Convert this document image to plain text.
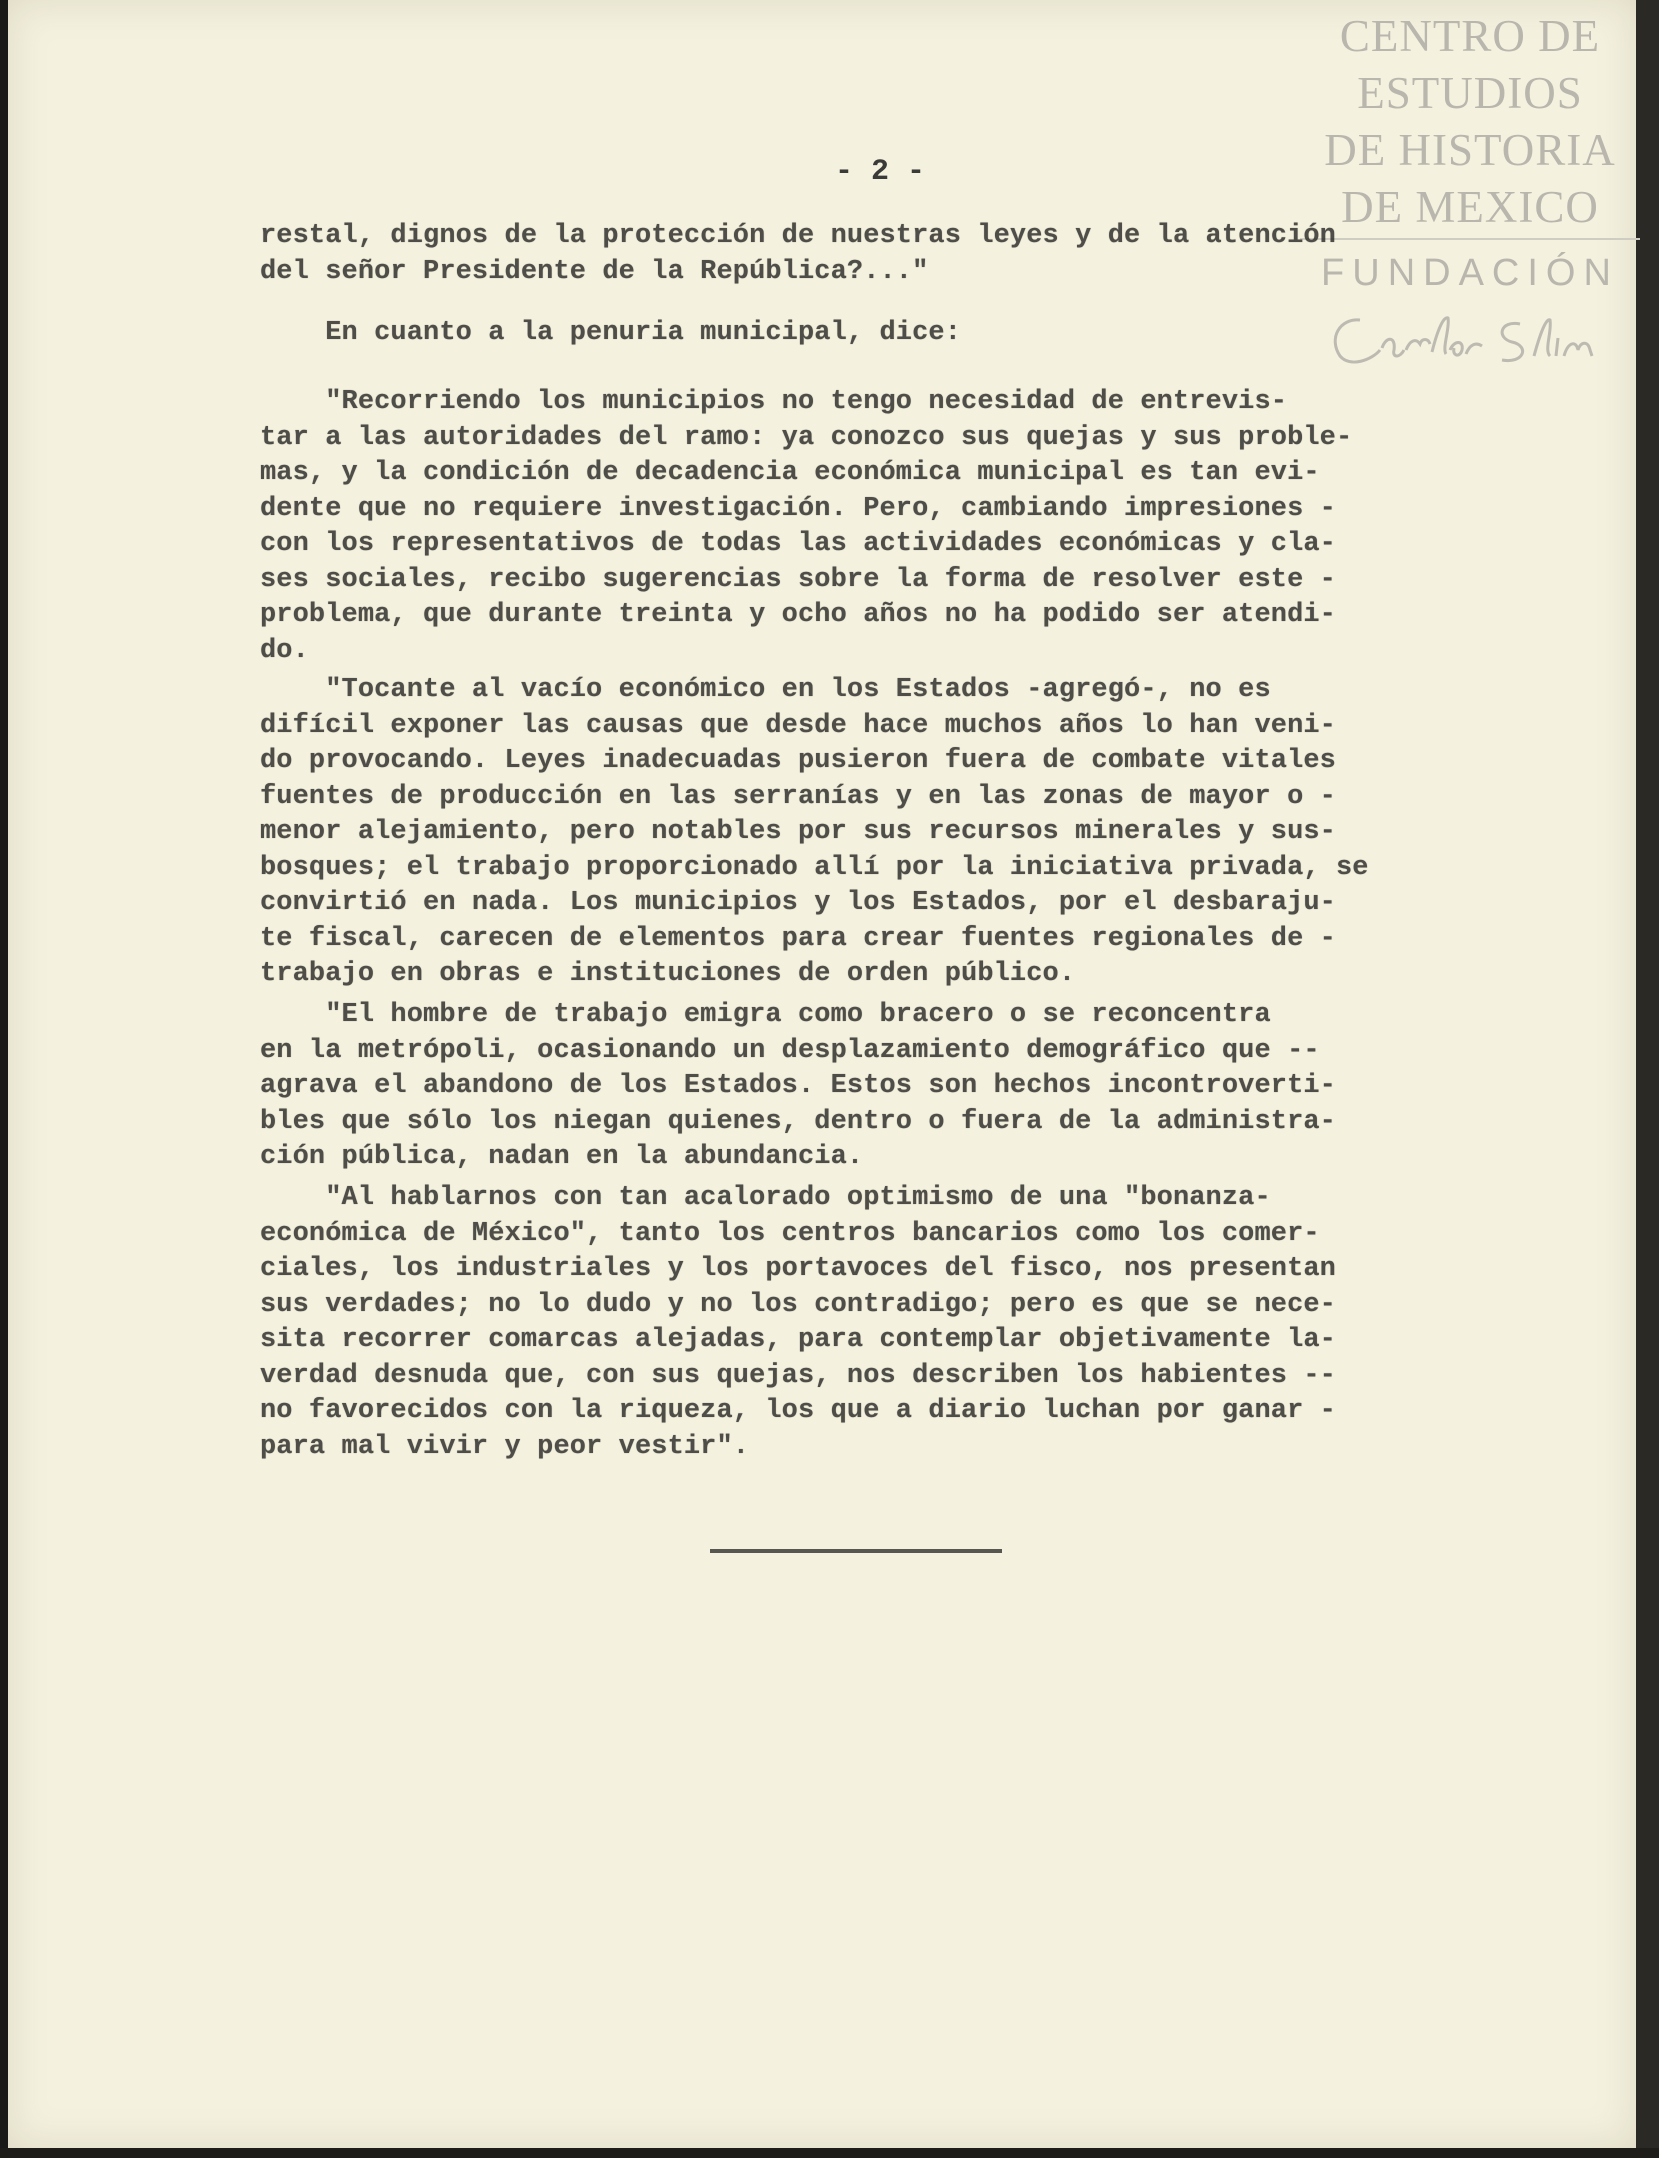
CENTRO DE
ESTUDIOS
DE HISTORIA
DE MEXICO
FUNDACIÓN
- 2 -
restal, dignos de la protección de nuestras leyes y de la atención
del señor Presidente de la República?..."
En cuanto a la penuria municipal, dice:
"Recorriendo los municipios no tengo necesidad de entrevis-
tar a las autoridades del ramo: ya conozco sus quejas y sus proble-
mas, y la condición de decadencia económica municipal es tan evi-
dente que no requiere investigación. Pero, cambiando impresiones -
con los representativos de todas las actividades económicas y cla-
ses sociales, recibo sugerencias sobre la forma de resolver este -
problema, que durante treinta y ocho años no ha podido ser atendi-
do.
"Tocante al vacío económico en los Estados -agregó-, no es
difícil exponer las causas que desde hace muchos años lo han veni-
do provocando. Leyes inadecuadas pusieron fuera de combate vitales
fuentes de producción en las serranías y en las zonas de mayor o -
menor alejamiento, pero notables por sus recursos minerales y sus-
bosques; el trabajo proporcionado allí por la iniciativa privada, se
convirtió en nada. Los municipios y los Estados, por el desbaraju-
te fiscal, carecen de elementos para crear fuentes regionales de -
trabajo en obras e instituciones de orden público.
"El hombre de trabajo emigra como bracero o se reconcentra
en la metrópoli, ocasionando un desplazamiento demográfico que --
agrava el abandono de los Estados. Estos son hechos incontroverti-
bles que sólo los niegan quienes, dentro o fuera de la administra-
ción pública, nadan en la abundancia.
"Al hablarnos con tan acalorado optimismo de una "bonanza-
económica de México", tanto los centros bancarios como los comer-
ciales, los industriales y los portavoces del fisco, nos presentan
sus verdades; no lo dudo y no los contradigo; pero es que se nece-
sita recorrer comarcas alejadas, para contemplar objetivamente la-
verdad desnuda que, con sus quejas, nos describen los habientes --
no favorecidos con la riqueza, los que a diario luchan por ganar -
para mal vivir y peor vestir".
